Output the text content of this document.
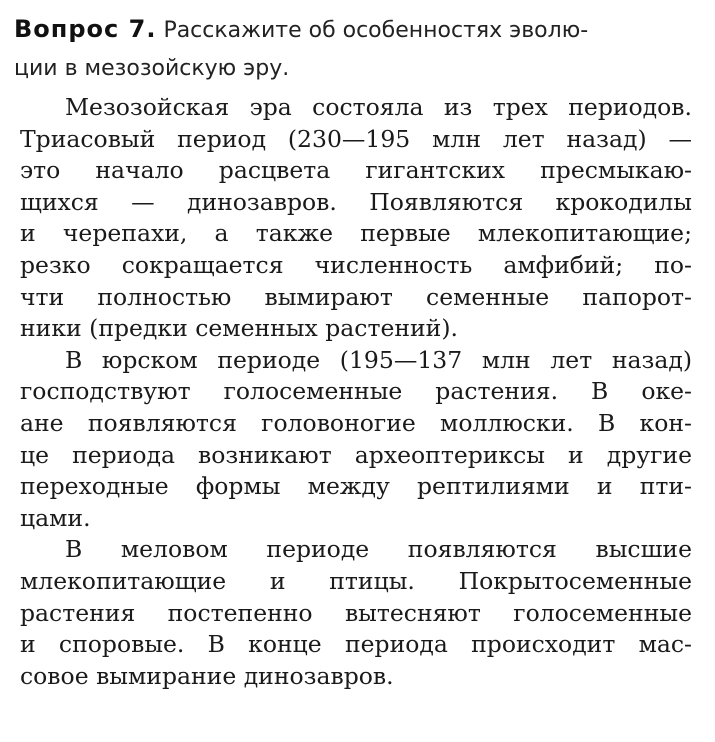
Вопрос 7. Расскажите об особенностях эволю-
ции в мезозойскую эру.
Мезозойская эра состояла из трех периодов.
Триасовый период (230—195 млн лет назад) —
это начало расцвета гигантских пресмыкаю-
щихся — динозавров. Появляются крокодилы
и черепахи, а также первые млекопитающие;
резко сокращается численность амфибий; по-
чти полностью вымирают семенные папорот-
ники (предки семенных растений).
В юрском периоде (195—137 млн лет назад)
господствуют голосеменные растения. В оке-
ане появляются головоногие моллюски. В кон-
це периода возникают археоптериксы и другие
переходные формы между рептилиями и пти-
цами.
В меловом периоде появляются высшие
млекопитающие и птицы. Покрытосеменные
растения постепенно вытесняют голосеменные
и споровые. В конце периода происходит мас-
совое вымирание динозавров.
